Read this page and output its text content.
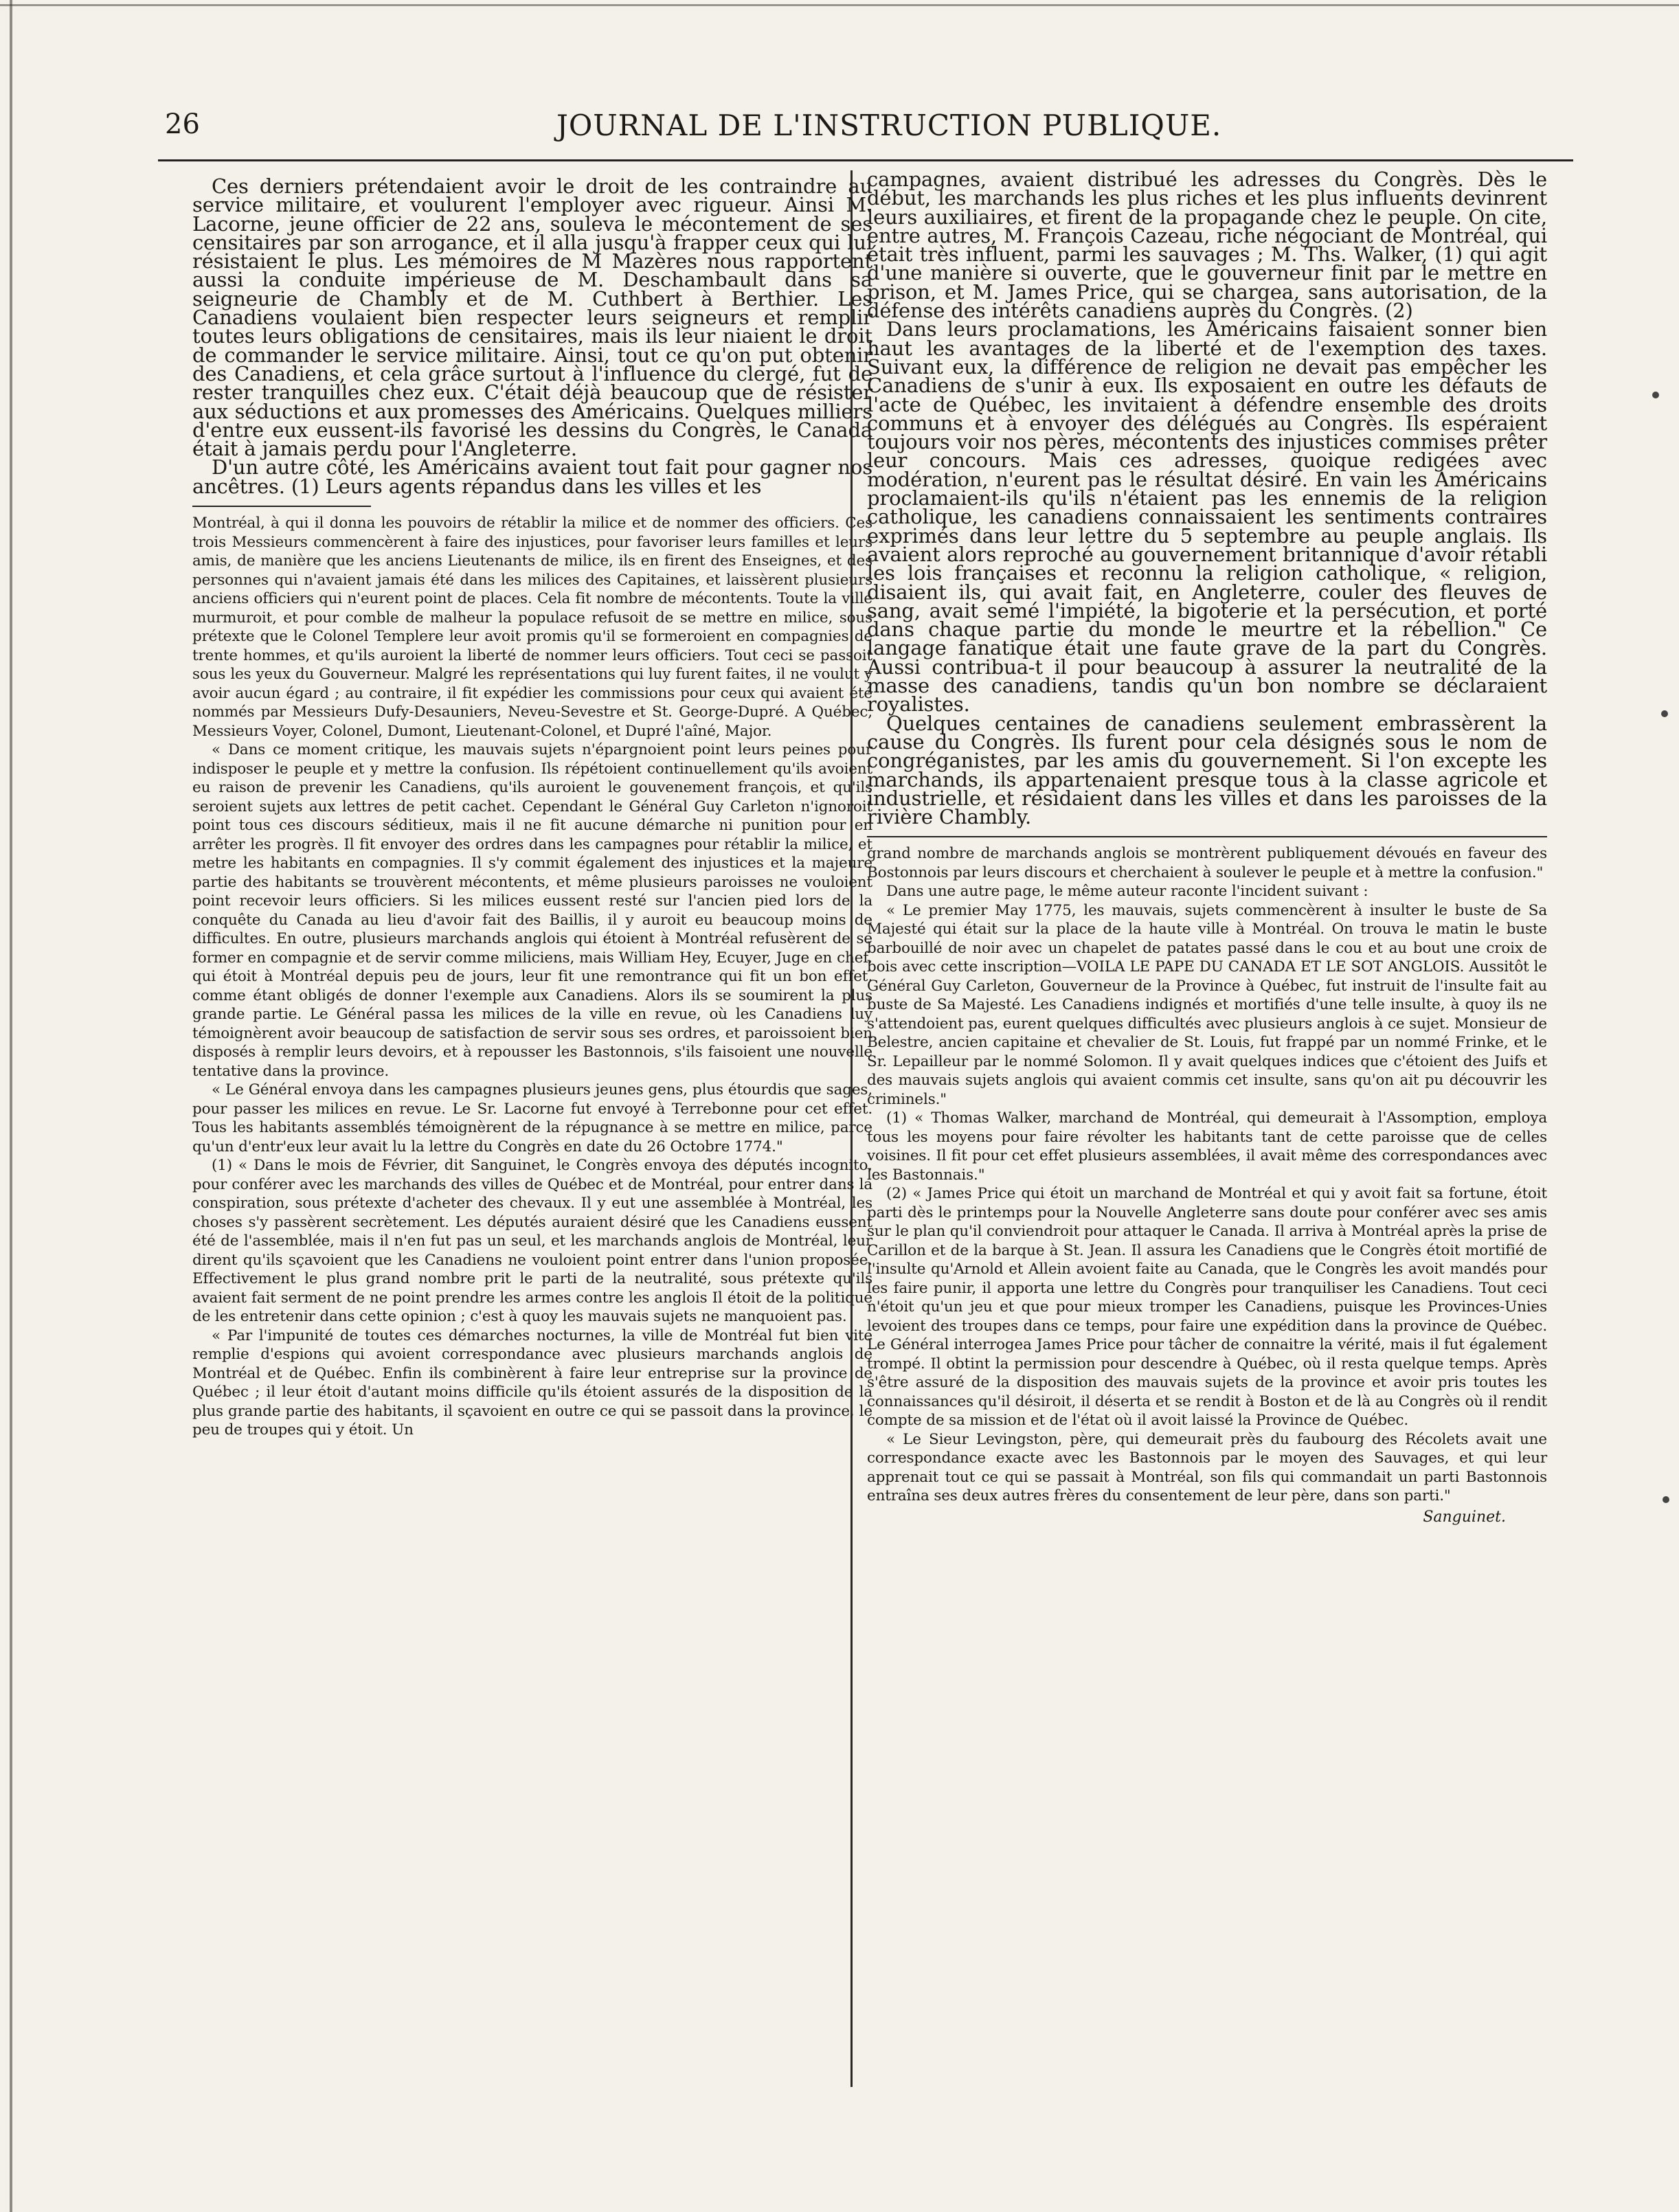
26	JOURNAL DE L'INSTRUCTION PUBLIQUE.

Ces derniers prétendaient avoir le droit de les contraindre au service militaire, et voulurent l'employer avec rigueur. Ainsi M. Lacorne, jeune officier de 22 ans, souleva le mécontement de ses censitaires par son arrogance, et il alla jusqu'à frapper ceux qui lui résistaient le plus. Les mémoires de M Mazères nous rapportent aussi la conduite impérieuse de M. Deschambault dans sa seigneurie de Chambly et de M. Cuthbert à Berthier. Les Canadiens voulaient bien respecter leurs seigneurs et remplir toutes leurs obligations de censitaires, mais ils leur niaient le droit de commander le service militaire. Ainsi, tout ce qu'on put obtenir des Canadiens, et cela grâce surtout à l'influence du clergé, fut de rester tranquilles chez eux. C'était déjà beaucoup que de résister aux séductions et aux promesses des Américains. Quelques milliers d'entre eux eussent-ils favorisé les dessins du Congrès, le Canada était à jamais perdu pour l'Angleterre.

D'un autre côté, les Américains avaient tout fait pour gagner nos ancêtres. (1) Leurs agents répandus dans les villes et les

Montréal, à qui il donna les pouvoirs de rétablir la milice et de nommer des officiers. Ces trois Messieurs commencèrent à faire des injustices, pour favoriser leurs familles et leurs amis, de manière que les anciens Lieutenants de milice, ils en firent des Enseignes, et des personnes qui n'avaient jamais été dans les milices des Capitaines, et laissèrent plusieurs anciens officiers qui n'eurent point de places. Cela fit nombre de mécontents. Toute la ville murmuroit, et pour comble de malheur la populace refusoit de se mettre en milice, sous prétexte que le Colonel Templere leur avoit promis qu'il se formeroient en compagnies de trente hommes, et qu'ils auroient la liberté de nommer leurs officiers. Tout ceci se passoit sous les yeux du Gouverneur. Malgré les représentations qui luy furent faites, il ne voulut y avoir aucun égard ; au contraire, il fit expédier les commissions pour ceux qui avaient été nommés par Messieurs Dufy-Desauniers, Neveu-Sevestre et St. George-Dupré. A Québec, Messieurs Voyer, Colonel, Dumont, Lieutenant-Colonel, et Dupré l'aîné, Major.

« Dans ce moment critique, les mauvais sujets n'épargnoient point leurs peines pour indisposer le peuple et y mettre la confusion. Ils répétoient continuellement qu'ils avoient eu raison de prevenir les Canadiens, qu'ils auroient le gouvenement françois, et qu'ils seroient sujets aux lettres de petit cachet. Cependant le Général Guy Carleton n'ignoroit point tous ces discours séditieux, mais il ne fit aucune démarche ni punition pour en arrêter les progrès. Il fit envoyer des ordres dans les campagnes pour rétablir la milice, et metre les habitants en compagnies. Il s'y commit également des injustices et la majeure partie des habitants se trouvèrent mécontents, et même plusieurs paroisses ne vouloient point recevoir leurs officiers. Si les milices eussent resté sur l'ancien pied lors de la conquête du Canada au lieu d'avoir fait des Baillis, il y auroit eu beaucoup moins de difficultes. En outre, plusieurs marchands anglois qui étoient à Montréal refusèrent de se former en compagnie et de servir comme miliciens, mais William Hey, Ecuyer, Juge en chef, qui étoit à Montréal depuis peu de jours, leur fit une remontrance qui fit un bon effet, comme étant obligés de donner l'exemple aux Canadiens. Alors ils se soumirent la plus grande partie. Le Général passa les milices de la ville en revue, où les Canadiens luy témoignèrent avoir beaucoup de satisfaction de servir sous ses ordres, et paroissoient bien disposés à remplir leurs devoirs, et à repousser les Bastonnois, s'ils faisoient une nouvelle tentative dans la province.

« Le Général envoya dans les campagnes plusieurs jeunes gens, plus étourdis que sages, pour passer les milices en revue. Le Sr. Lacorne fut envoyé à Terrebonne pour cet effet. Tous les habitants assemblés témoignèrent de la répugnance à se mettre en milice, parce qu'un d'entr'eux leur avait lu la lettre du Congrès en date du 26 Octobre 1774."

(1) « Dans le mois de Février, dit Sanguinet, le Congrès envoya des députés incognito, pour conférer avec les marchands des villes de Québec et de Montréal, pour entrer dans la conspiration, sous prétexte d'acheter des chevaux. Il y eut une assemblée à Montréal, les choses s'y passèrent secrètement. Les députés auraient désiré que les Canadiens eussent été de l'assemblée, mais il n'en fut pas un seul, et les marchands anglois de Montréal, leur dirent qu'ils sçavoient que les Canadiens ne vouloient point entrer dans l'union proposée. Effectivement le plus grand nombre prit le parti de la neutralité, sous prétexte qu'ils avaient fait serment de ne point prendre les armes contre les anglois Il étoit de la politique de les entretenir dans cette opinion ; c'est à quoy les mauvais sujets ne manquoient pas.

« Par l'impunité de toutes ces démarches nocturnes, la ville de Montréal fut bien vite remplie d'espions qui avoient correspondance avec plusieurs marchands anglois de Montréal et de Québec. Enfin ils combinèrent à faire leur entreprise sur la province de Québec ; il leur étoit d'autant moins difficile qu'ils étoient assurés de la disposition de la plus grande partie des habitants, il sçavoient en outre ce qui se passoit dans la province, le peu de troupes qui y étoit. Un

campagnes, avaient distribué les adresses du Congrès. Dès le début, les marchands les plus riches et les plus influents devinrent leurs auxiliaires, et firent de la propagande chez le peuple. On cite, entre autres, M. François Cazeau, riche négociant de Montréal, qui était très influent, parmi les sauvages ; M. Ths. Walker, (1) qui agit d'une manière si ouverte, que le gouverneur finit par le mettre en prison, et M. James Price, qui se chargea, sans autorisation, de la défense des intérêts canadiens auprès du Congrès. (2)

Dans leurs proclamations, les Américains faisaient sonner bien haut les avantages de la liberté et de l'exemption des taxes. Suivant eux, la différence de religion ne devait pas empêcher les Canadiens de s'unir à eux. Ils exposaient en outre les défauts de l'acte de Québec, les invitaient à défendre ensemble des droits communs et à envoyer des délégués au Congrès. Ils espéraient toujours voir nos pères, mécontents des injustices commises prêter leur concours. Mais ces adresses, quoique redigées avec modération, n'eurent pas le résultat désiré. En vain les Américains proclamaient-ils qu'ils n'étaient pas les ennemis de la religion catholique, les canadiens connaissaient les sentiments contraires exprimés dans leur lettre du 5 septembre au peuple anglais. Ils avaient alors reproché au gouvernement britannique d'avoir rétabli les lois françaises et reconnu la religion catholique, « religion, disaient ils, qui avait fait, en Angleterre, couler des fleuves de sang, avait semé l'impiété, la bigoterie et la persécution, et porté dans chaque partie du monde le meurtre et la rébellion." Ce langage fanatique était une faute grave de la part du Congrès. Aussi contribua-t il pour beaucoup à assurer la neutralité de la masse des canadiens, tandis qu'un bon nombre se déclaraient royalistes.

Quelques centaines de canadiens seulement embrassèrent la cause du Congrès. Ils furent pour cela désignés sous le nom de congréganistes, par les amis du gouvernement. Si l'on excepte les marchands, ils appartenaient presque tous à la classe agricole et industrielle, et résidaient dans les villes et dans les paroisses de la rivière Chambly.

grand nombre de marchands anglois se montrèrent publiquement dévoués en faveur des Bostonnois par leurs discours et cherchaient à soulever le peuple et à mettre la confusion."

Dans une autre page, le même auteur raconte l'incident suivant :

« Le premier May 1775, les mauvais, sujets commencèrent à insulter le buste de Sa Majesté qui était sur la place de la haute ville à Montréal. On trouva le matin le buste barbouillé de noir avec un chapelet de patates passé dans le cou et au bout une croix de bois avec cette inscription—VOILA LE PAPE DU CANADA ET LE SOT ANGLOIS. Aussitôt le Général Guy Carleton, Gouverneur de la Province à Québec, fut instruit de l'insulte fait au buste de Sa Majesté. Les Canadiens indignés et mortifiés d'une telle insulte, à quoy ils ne s'attendoient pas, eurent quelques difficultés avec plusieurs anglois à ce sujet. Monsieur de Belestre, ancien capitaine et chevalier de St. Louis, fut frappé par un nommé Frinke, et le Sr. Lepailleur par le nommé Solomon. Il y avait quelques indices que c'étoient des Juifs et des mauvais sujets anglois qui avaient commis cet insulte, sans qu'on ait pu découvrir les criminels."

(1) « Thomas Walker, marchand de Montréal, qui demeurait à l'Assomption, employa tous les moyens pour faire révolter les habitants tant de cette paroisse que de celles voisines. Il fit pour cet effet plusieurs assemblées, il avait même des correspondances avec les Bastonnais."

(2) « James Price qui étoit un marchand de Montréal et qui y avoit fait sa fortune, étoit parti dès le printemps pour la Nouvelle Angleterre sans doute pour conférer avec ses amis sur le plan qu'il conviendroit pour attaquer le Canada. Il arriva à Montréal après la prise de Carillon et de la barque à St. Jean. Il assura les Canadiens que le Congrès étoit mortifié de l'insulte qu'Arnold et Allein avoient faite au Canada, que le Congrès les avoit mandés pour les faire punir, il apporta une lettre du Congrès pour tranquiliser les Canadiens. Tout ceci n'étoit qu'un jeu et que pour mieux tromper les Canadiens, puisque les Provinces-Unies levoient des troupes dans ce temps, pour faire une expédition dans la province de Québec. Le Général interrogea James Price pour tâcher de connaitre la vérité, mais il fut également trompé. Il obtint la permission pour descendre à Québec, où il resta quelque temps. Après s'être assuré de la disposition des mauvais sujets de la province et avoir pris toutes les connaissances qu'il désiroit, il déserta et se rendit à Boston et de là au Congrès où il rendit compte de sa mission et de l'état où il avoit laissé la Province de Québec.

« Le Sieur Levingston, père, qui demeurait près du faubourg des Récolets avait une correspondance exacte avec les Bastonnois par le moyen des Sauvages, et qui leur apprenait tout ce qui se passait à Montréal, son fils qui commandait un parti Bastonnois entraîna ses deux autres frères du consentement de leur père, dans son parti."

Sanguinet.
